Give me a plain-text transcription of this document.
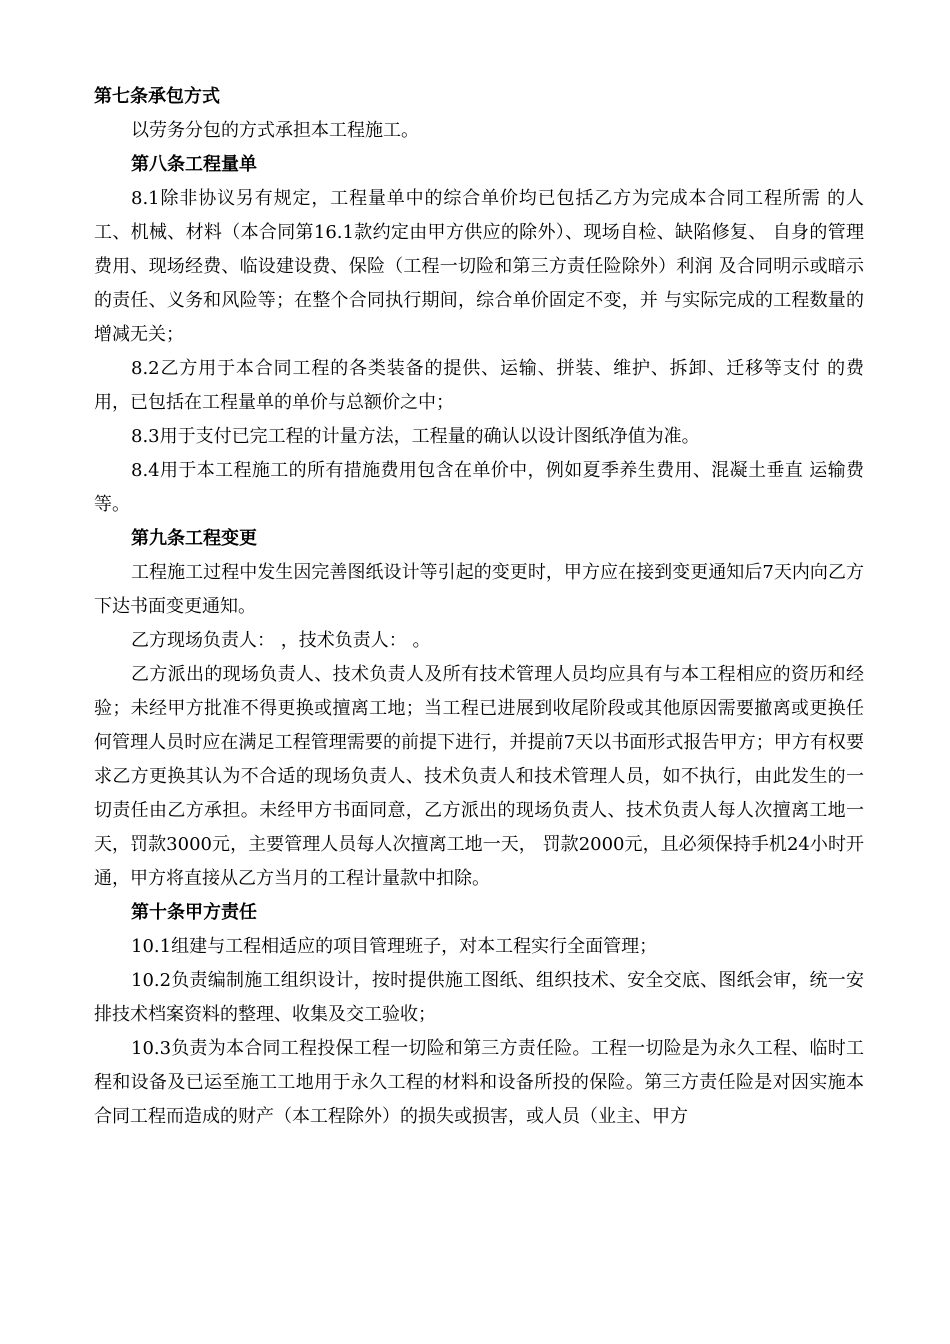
第七条承包方式
以劳务分包的方式承担本工程施工。
第八条工程量单
8.1除非协议另有规定，工程量单中的综合单价均已包括乙方为完成本合同工程所需 的人工、机械、材料（本合同第16.1款约定由甲方供应的除外）、现场自检、缺陷修复、 自身的管理费用、现场经费、临设建设费、保险（工程一切险和第三方责任险除外）利润 及合同明示或暗示的责任、义务和风险等；在整个合同执行期间，综合单价固定不变，并 与实际完成的工程数量的增减无关；
8.2乙方用于本合同工程的各类装备的提供、运输、拼装、维护、拆卸、迁移等支付 的费用，已包括在工程量单的单价与总额价之中；
8.3用于支付已完工程的计量方法，工程量的确认以设计图纸净值为准。
8.4用于本工程施工的所有措施费用包含在单价中，例如夏季养生费用、混凝土垂直 运输费等。
第九条工程变更
工程施工过程中发生因完善图纸设计等引起的变更时，甲方应在接到变更通知后7天内向乙方下达书面变更通知。
乙方现场负责人： ，技术负责人： 。
乙方派出的现场负责人、技术负责人及所有技术管理人员均应具有与本工程相应的资历和经验；未经甲方批准不得更换或擅离工地；当工程已进展到收尾阶段或其他原因需要撤离或更换任何管理人员时应在满足工程管理需要的前提下进行，并提前7天以书面形式报告甲方；甲方有权要求乙方更换其认为不合适的现场负责人、技术负责人和技术管理人员，如不执行，由此发生的一切责任由乙方承担。未经甲方书面同意，乙方派出的现场负责人、技术负责人每人次擅离工地一天，罚款3000元，主要管理人员每人次擅离工地一天， 罚款2000元，且必须保持手机24小时开通，甲方将直接从乙方当月的工程计量款中扣除。
第十条甲方责任
10.1组建与工程相适应的项目管理班子，对本工程实行全面管理；
10.2负责编制施工组织设计，按时提供施工图纸、组织技术、安全交底、图纸会审，统一安排技术档案资料的整理、收集及交工验收；
10.3负责为本合同工程投保工程一切险和第三方责任险。工程一切险是为永久工程、临时工程和设备及已运至施工工地用于永久工程的材料和设备所投的保险。第三方责任险是对因实施本合同工程而造成的财产（本工程除外）的损失或损害，或人员（业主、甲方
